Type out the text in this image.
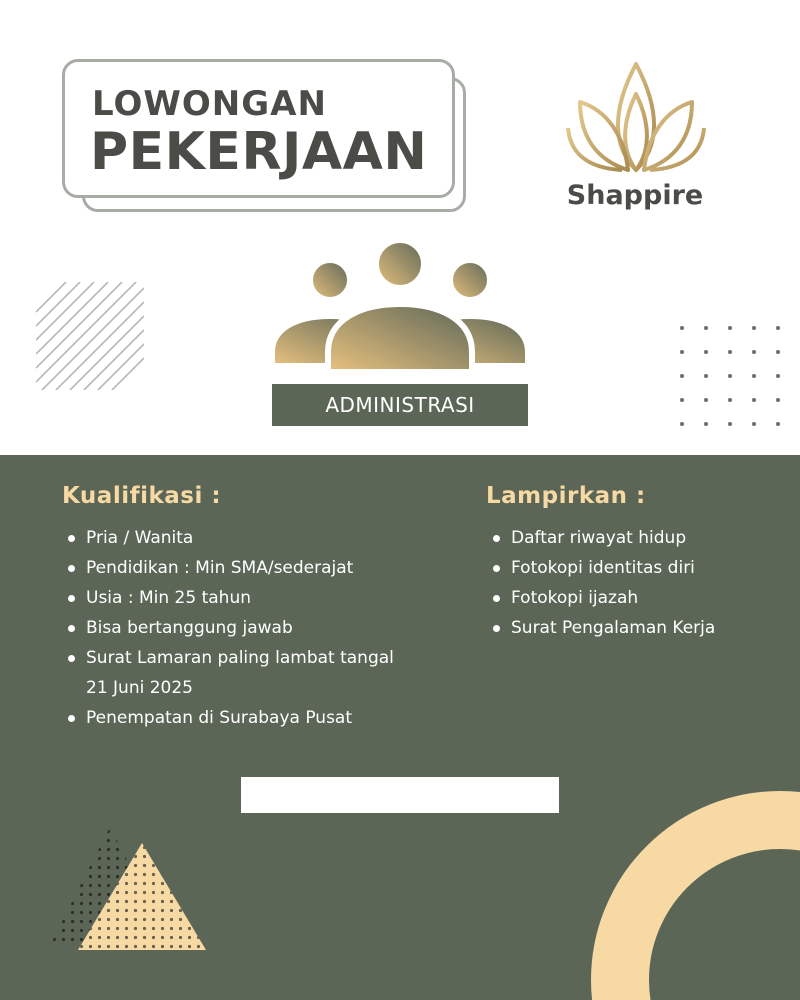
LOWONGAN
PEKERJAAN
Shappire
ADMINISTRASI
Kualifikasi :
Pria / Wanita
Pendidikan : Min SMA/sederajat
Usia : Min 25 tahun
Bisa bertanggung jawab
Surat Lamaran paling lambat tangal
21 Juni 2025
Penempatan di Surabaya Pusat
Lampirkan :
Daftar riwayat hidup
Fotokopi identitas diri
Fotokopi ijazah
Surat Pengalaman Kerja
